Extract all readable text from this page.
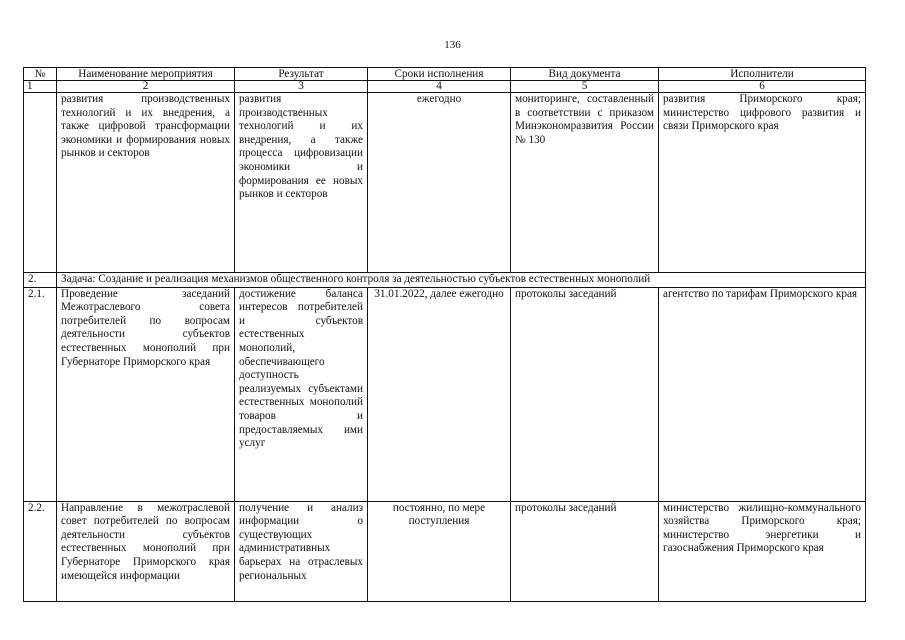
136
№	Наименование мероприятия	Результат	Сроки исполнения	Вид документа	Исполнители
1	2	3	4	5	6
	развития производственных технологий и их внедрения, а также цифровой трансформации экономики и формирования новых рынков и секторов	развития производственных технологий и их внедрения, а также процесса цифровизации экономики и формирования ее новых рынков и секторов	ежегодно	мониторинге, составленный в соответствии с приказом Минэкономразвития России № 130	развития Приморского края; министерство цифрового развития и связи Приморского края
2.	Задача: Создание и реализация механизмов общественного контроля за деятельностью субъектов естественных монополий				
2.1.	Проведение заседаний Межотраслевого совета потребителей по вопросам деятельности субъектов естественных монополий при Губернаторе Приморского края	достижение баланса интересов потребителей и субъектов естественных монополий, обеспечивающего доступность реализуемых субъектами естественных монополий товаров и предоставляемых ими услуг	31.01.2022, далее ежегодно	протоколы заседаний	агентство по тарифам Приморского края
2.2.	Направление в межотраслевой совет потребителей по вопросам деятельности субъектов естественных монополий при Губернаторе Приморского края имеющейся информации	получение и анализ информации о существующих административных барьерах на отраслевых региональных	постоянно, по мере поступления	протоколы заседаний	министерство жилищно-коммунального хозяйства Приморского края; министерство энергетики и газоснабжения Приморского края
